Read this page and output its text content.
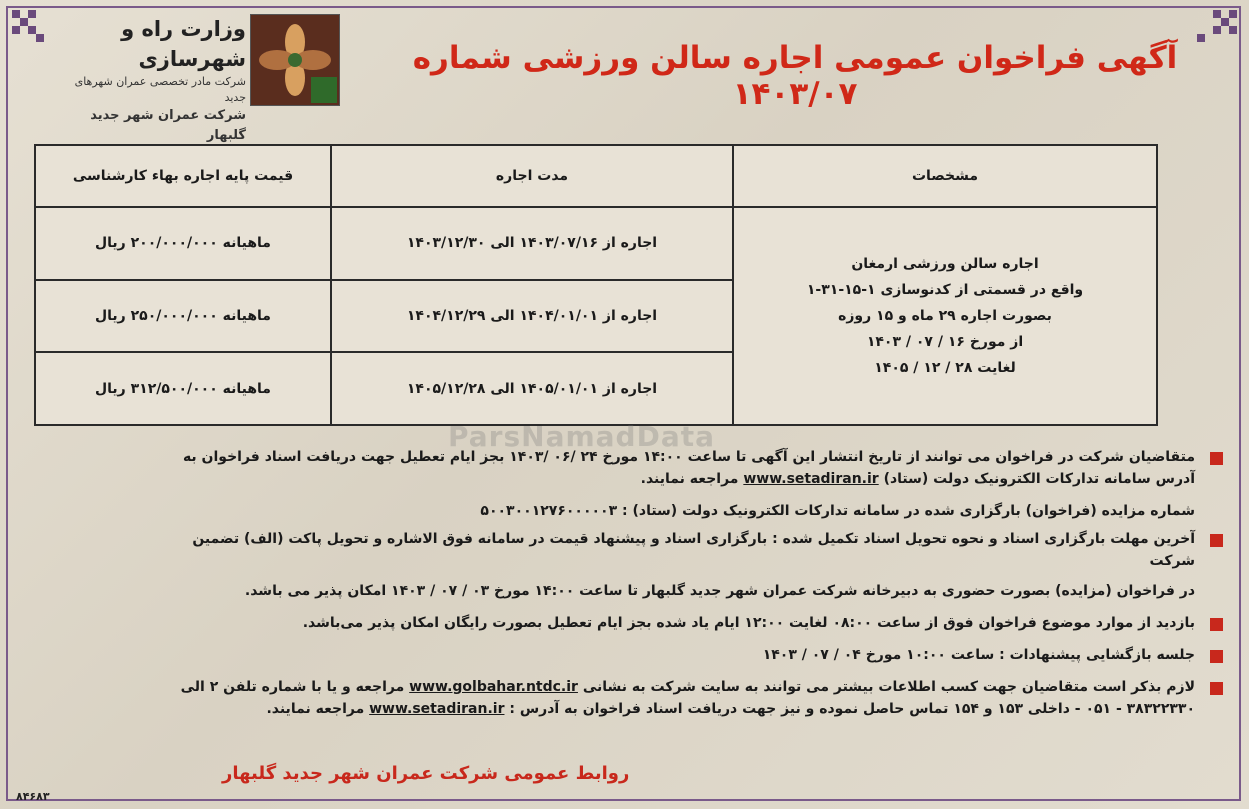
وزارت راه و شهرسازی
شرکت مادر تخصصی عمران شهرهای جدید
شرکت عمران شهر جدید گلبهار
آگهی فراخوان عمومی اجاره سالن ورزشی شماره ۱۴۰۳/۰۷

مشخصات	مدت اجاره	قیمت پایه اجاره بهاء کارشناسی

اجاره سالن ورزشی ارمغان
واقع در قسمتی از کدنوسازی ۱-۱۵-۳۱-۱
بصورت اجاره ۲۹ ماه و ۱۵ روزه
از مورخ ۱۶ / ۰۷ / ۱۴۰۳
لغایت ۲۸ / ۱۲ / ۱۴۰۵	اجاره از ۱۴۰۳/۰۷/۱۶ الی ۱۴۰۳/۱۲/۳۰	ماهیانه ۲۰۰/۰۰۰/۰۰۰ ریال
	اجاره از ۱۴۰۴/۰۱/۰۱ الی ۱۴۰۴/۱۲/۲۹	ماهیانه ۲۵۰/۰۰۰/۰۰۰ ریال
	اجاره از ۱۴۰۵/۰۱/۰۱ الی ۱۴۰۵/۱۲/۲۸	ماهیانه ۳۱۲/۵۰۰/۰۰۰ ریال
ParsNamadData
متقاضیان شرکت در فراخوان می توانند از تاریخ انتشار این آگهی تا ساعت ۱۴:۰۰ مورخ ۲۴ /۰۶ /۱۴۰۳ بجز ایام تعطیل جهت دریافت اسناد فراخوان به
آدرس سامانه تدارکات الکترونیک دولت (ستاد) www.setadiran.ir مراجعه نمایند.
شماره مزایده (فراخوان) بارگزاری شده در سامانه تدارکات الکترونیک دولت (ستاد) : ۵۰۰۳۰۰۱۲۷۶۰۰۰۰۰۳
آخرین مهلت بارگزاری اسناد و نحوه تحویل اسناد تکمیل شده : بارگزاری اسناد و پیشنهاد قیمت در سامانه فوق الاشاره و تحویل پاکت (الف) تضمین شرکت
در فراخوان (مزایده) بصورت حضوری به دبیرخانه شرکت عمران شهر جدید گلبهار تا ساعت ۱۴:۰۰ مورخ ۰۳ / ۰۷ / ۱۴۰۳ امکان پذیر می باشد.
بازدید از موارد موضوع فراخوان فوق از ساعت ۰۸:۰۰ لغایت ۱۲:۰۰ ایام یاد شده بجز ایام تعطیل بصورت رایگان امکان پذیر می‌باشد.
جلسه بازگشایی پیشنهادات : ساعت ۱۰:۰۰ مورخ ۰۴ / ۰۷ / ۱۴۰۳
لازم بذکر است متقاضیان جهت کسب اطلاعات بیشتر می توانند به سایت شرکت به نشانی www.golbahar.ntdc.ir مراجعه و یا با شماره تلفن ۲ الی
۳۸۳۲۲۳۳۰ - ۰۵۱ - داخلی ۱۵۳ و ۱۵۴ تماس حاصل نموده و نیز جهت دریافت اسناد فراخوان به آدرس : www.setadiran.ir مراجعه نمایند.
روابط عمومی شرکت عمران شهر جدید گلبهار
۸۴۶۸۳
